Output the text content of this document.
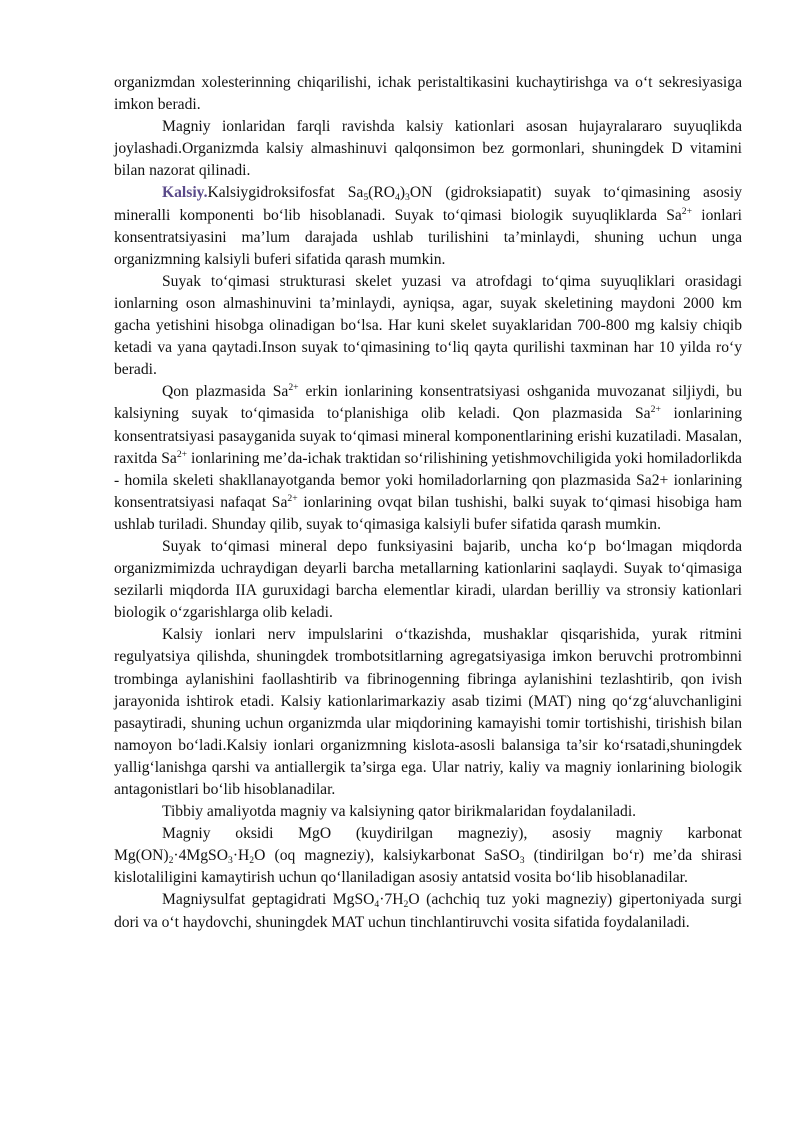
organizmdan xolesterinning chiqarilishi, ichak peristaltikasini kuchaytirishga va o‘t sekresiyasiga imkon beradi.

Magniy ionlaridan farqli ravishda kalsiy kationlari asosan hujayralararo suyuqlikda joylashadi.Organizmda kalsiy almashinuvi qalqonsimon bez gormonlari, shuningdek D vitamini bilan nazorat qilinadi.

Kalsiy.Kalsiygidroksifosfat $Sa_5(RO_4)_3ON$ (gidroksiapatit) suyak to‘qimasining asosiy mineralli komponenti bo‘lib hisoblanadi. Suyak to‘qimasi biologik suyuqliklarda $Sa^{2+}$ ionlari konsentratsiyasini ma’lum darajada ushlab turilishini ta’minlaydi, shuning uchun unga organizmning kalsiyli buferi sifatida qarash mumkin.

Suyak to‘qimasi strukturasi skelet yuzasi va atrofdagi to‘qima suyuqliklari orasidagi ionlarning oson almashinuvini ta’minlaydi, ayniqsa, agar, suyak skeletining maydoni 2000 km gacha yetishini hisobga olinadigan bo‘lsa. Har kuni skelet suyaklaridan 700-800 mg kalsiy chiqib ketadi va yana qaytadi.Inson suyak to‘qimasining to‘liq qayta qurilishi taxminan har 10 yilda ro‘y beradi.

Qon plazmasida $Sa^{2+}$ erkin ionlarining konsentratsiyasi oshganida muvozanat siljiydi, bu kalsiyning suyak to‘qimasida to‘planishiga olib keladi. Qon plazmasida $Sa^{2+}$ ionlarining konsentratsiyasi pasayganida suyak to‘qimasi mineral komponentlarining erishi kuzatiladi. Masalan, raxitda $Sa^{2+}$ ionlarining me’da-ichak traktidan so‘rilishining yetishmovchiligida yoki homiladorlikda - homila skeleti shakllanayotganda bemor yoki homiladorlarning qon plazmasida Sa2+ ionlarining konsentratsiyasi nafaqat $Sa^{2+}$ ionlarining ovqat bilan tushishi, balki suyak to‘qimasi hisobiga ham ushlab turiladi. Shunday qilib, suyak to‘qimasiga kalsiyli bufer sifatida qarash mumkin.

Suyak to‘qimasi mineral depo funksiyasini bajarib, uncha ko‘p bo‘lmagan miqdorda organizmimizda uchraydigan deyarli barcha metallarning kationlarini saqlaydi. Suyak to‘qimasiga sezilarli miqdorda IIA guruxidagi barcha elementlar kiradi, ulardan berilliy va stronsiy kationlari biologik o‘zgarishlarga olib keladi.

Kalsiy ionlari nerv impulslarini o‘tkazishda, mushaklar qisqarishida, yurak ritmini regulyatsiya qilishda, shuningdek trombotsitlarning agregatsiyasiga imkon beruvchi protrombinni trombinga aylanishini faollashtirib va fibrinogenning fibringa aylanishini tezlashtirib, qon ivish jarayonida ishtirok etadi. Kalsiy kationlarimarkaziy asab tizimi (MAT) ning qo‘zg‘aluvchanligini pasaytiradi, shuning uchun organizmda ular miqdorining kamayishi tomir tortishishi, tirishish bilan namoyon bo‘ladi.Kalsiy ionlari organizmning kislota-asosli balansiga ta’sir ko‘rsatadi,shuningdek yallig‘lanishga qarshi va antiallergik ta’sirga ega. Ular natriy, kaliy va magniy ionlarining biologik antagonistlari bo‘lib hisoblanadilar.

Tibbiy amaliyotda magniy va kalsiyning qator birikmalaridan foydalaniladi.

Magniy oksidi MgO (kuydirilgan magneziy), asosiy magniy karbonat $Mg(ON)_2\cdot 4MgSO_3\cdot H_2O$ (oq magneziy), kalsiykarbonat SaSO$_3$ (tindirilgan bo‘r) me’da shirasi kislotaliligini kamaytirish uchun qo‘llaniladigan asosiy antatsid vosita bo‘lib hisoblanadilar.

Magniysulfat geptagidrati $MgSO_4\cdot 7H_2O$ (achchiq tuz yoki magneziy) gipertoniyada surgi dori va o‘t haydovchi, shuningdek MAT uchun tinchlantiruvchi vosita sifatida foydalaniladi.
